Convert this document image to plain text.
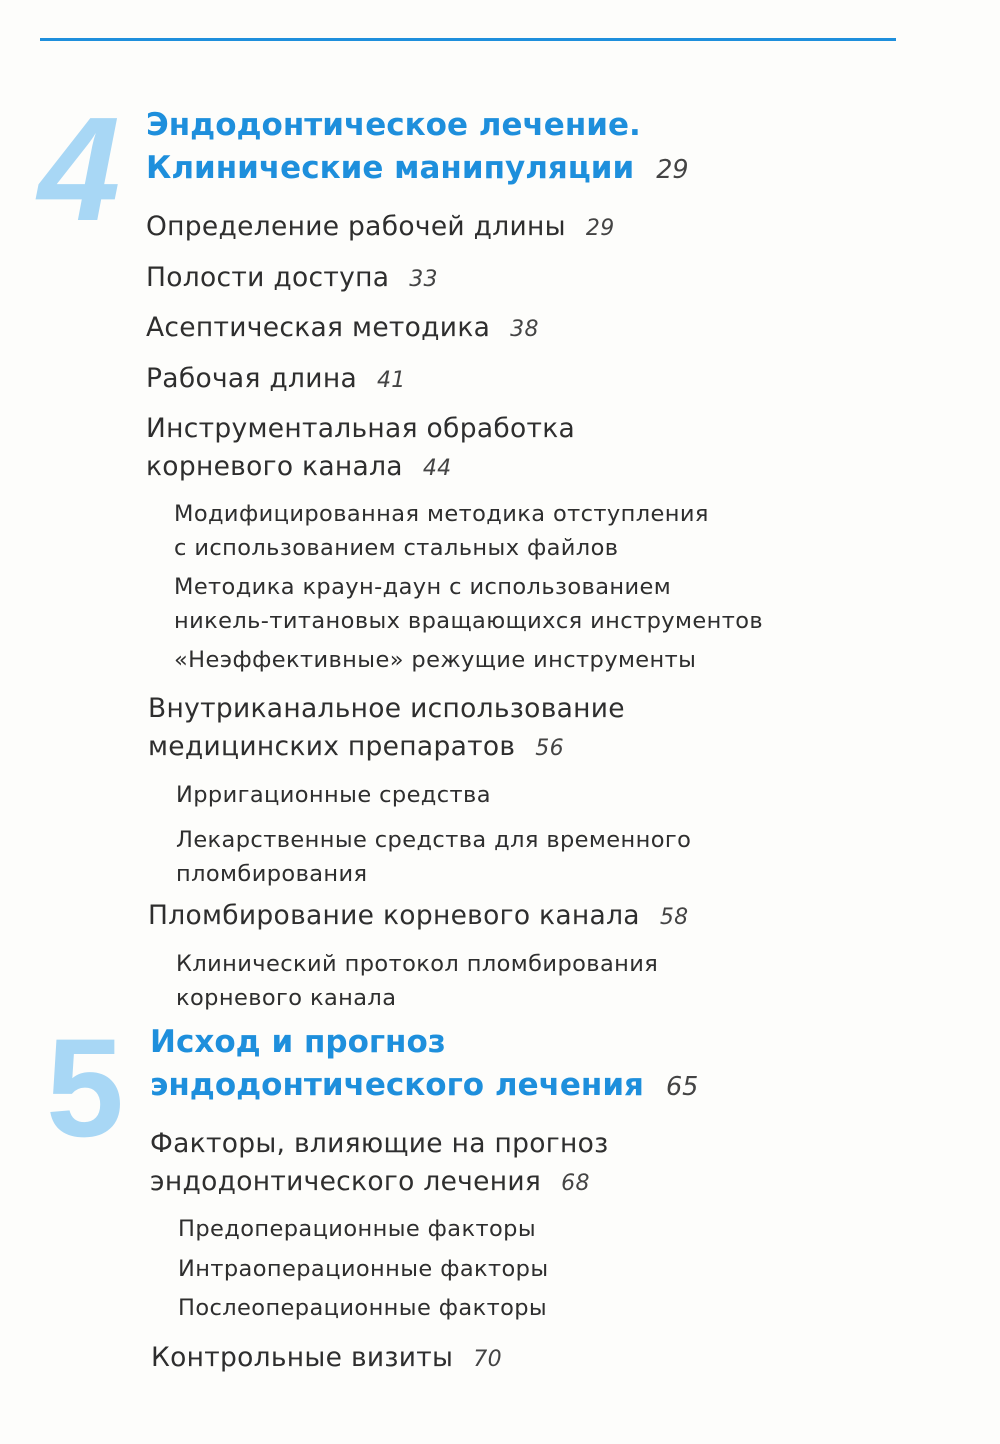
4 Эндодонтическое лечение.
Клинические манипуляции 29

Определение рабочей длины 29

Полости доступа 33

Асептическая методика 38

Рабочая длина 41

Инструментальная обработка
корневого канала 44

Модифицированная методика отступления
с использованием стальных файлов

Методика краун-даун с использованием
никель-титановых вращающихся инструментов

«Неэффективные» режущие инструменты

Внутриканальное использование
медицинских препаратов 56

Ирригационные средства

Лекарственные средства для временного
пломбирования

Пломбирование корневого канала 58

Клинический протокол пломбирования
корневого канала

5 Исход и прогноз
эндодонтического лечения 65

Факторы, влияющие на прогноз
эндодонтического лечения 68

Предоперационные факторы

Интраоперационные факторы

Послеоперационные факторы

Контрольные визиты 70
